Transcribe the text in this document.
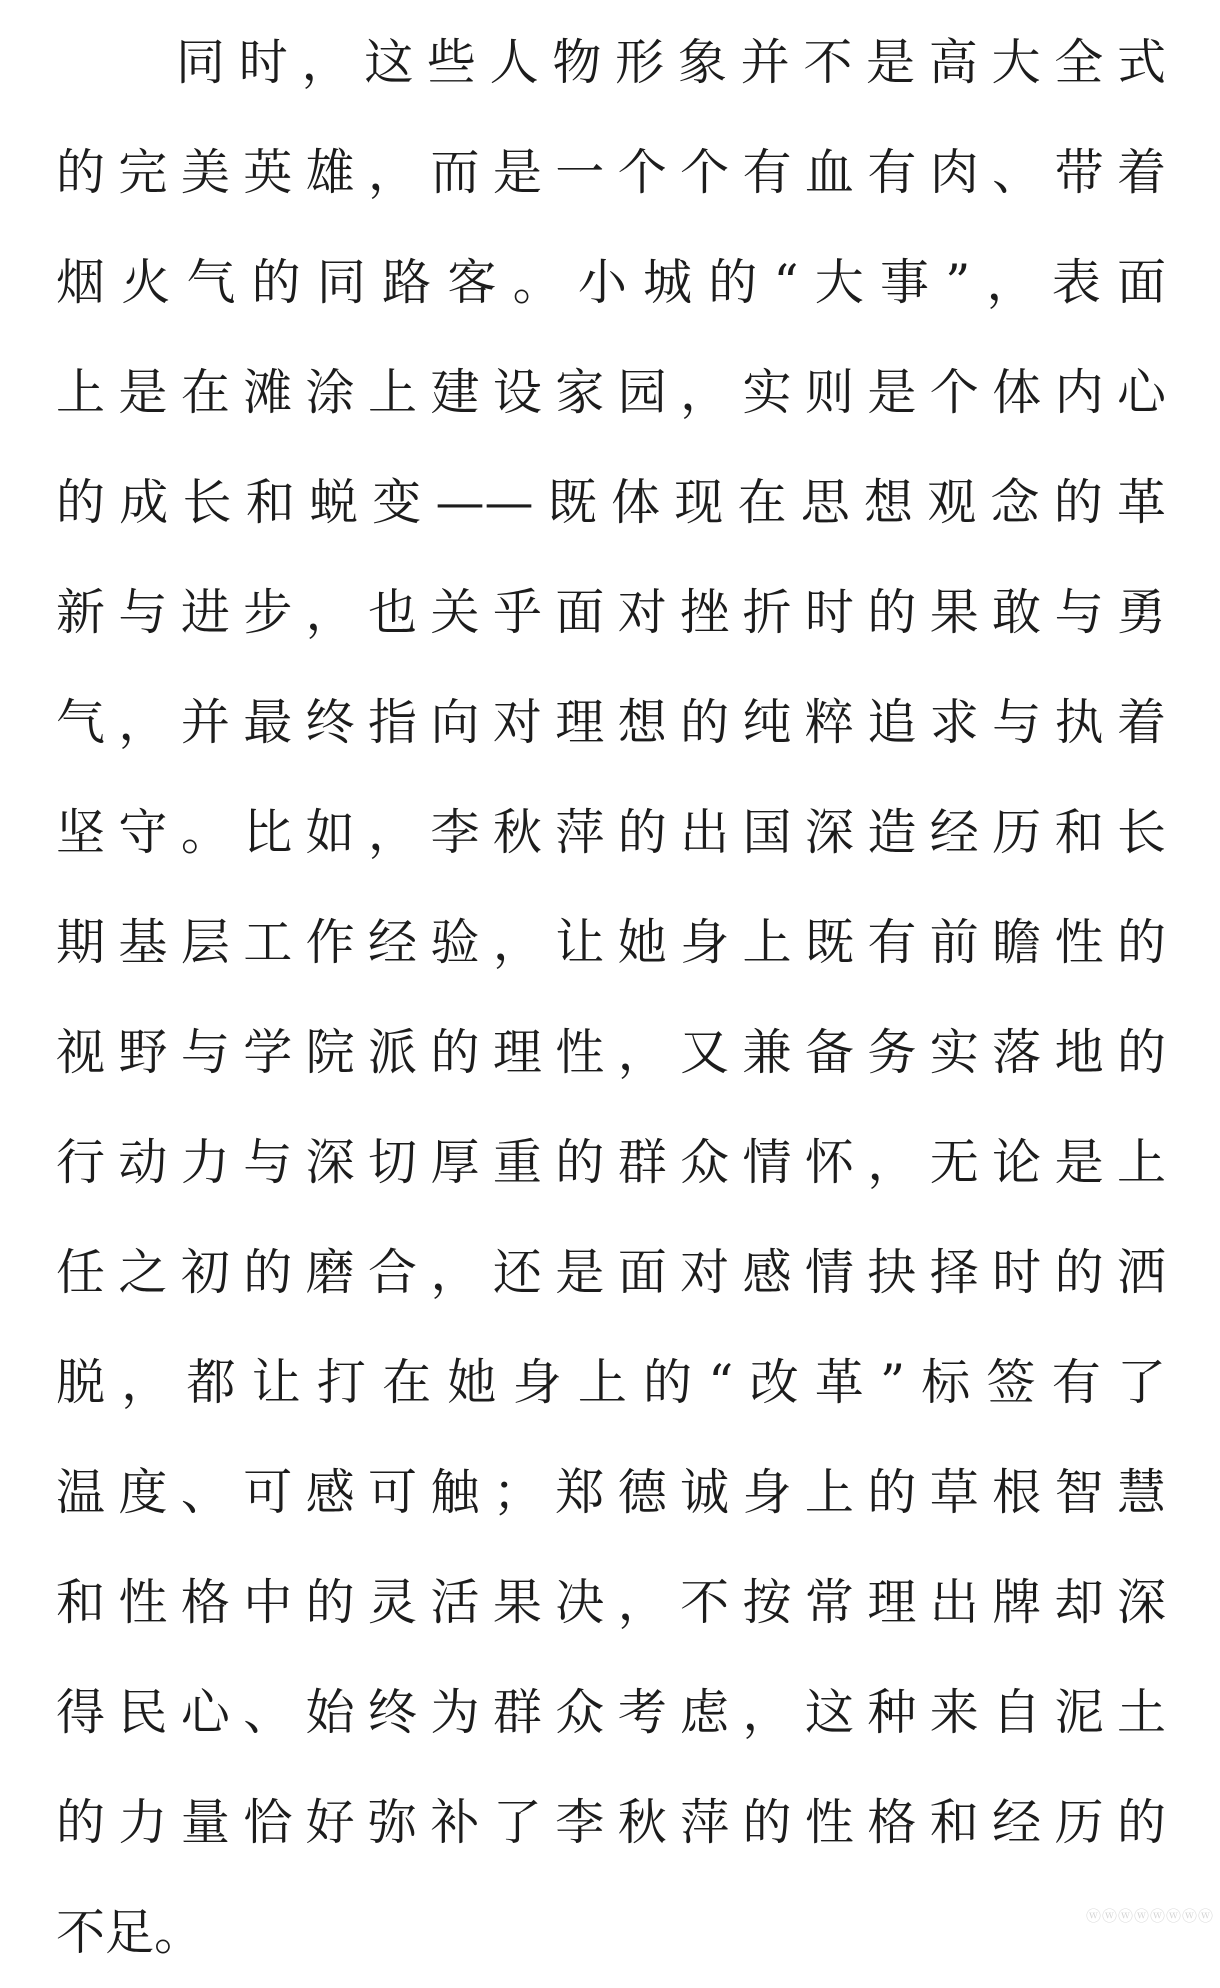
同时，这些人物形象并不是高大全式
的完美英雄，而是一个个有血有肉、带着
烟火气的同路客。小城的“大事”，表面
上是在滩涂上建设家园，实则是个体内心
的成长和蜕变——既体现在思想观念的革
新与进步，也关乎面对挫折时的果敢与勇
气，并最终指向对理想的纯粹追求与执着
坚守。比如，李秋萍的出国深造经历和长
期基层工作经验，让她身上既有前瞻性的
视野与学院派的理性，又兼备务实落地的
行动力与深切厚重的群众情怀，无论是上
任之初的磨合，还是面对感情抉择时的洒
脱，都让打在她身上的“改革”标签有了
温度、可感可触；郑德诚身上的草根智慧
和性格中的灵活果决，不按常理出牌却深
得民心、始终为群众考虑，这种来自泥土
的力量恰好弥补了李秋萍的性格和经历的
不足。	ⓦⓦⓦⓦⓦⓦⓦⓦ
